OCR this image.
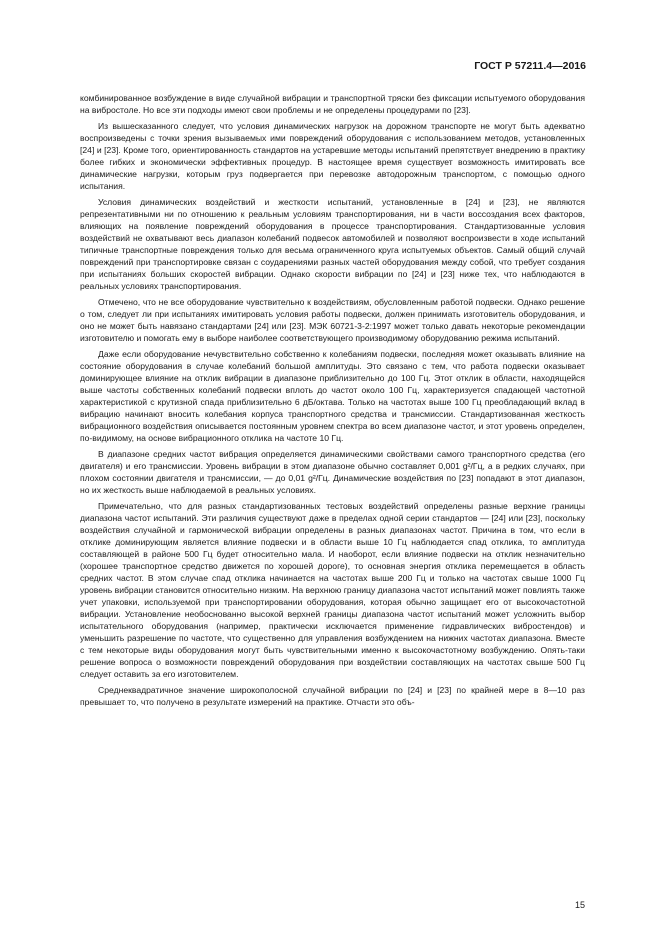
ГОСТ Р 57211.4—2016

комбинированное возбуждение в виде случайной вибрации и транспортной тряски без фиксации испытуемого оборудования на вибростоле. Но все эти подходы имеют свои проблемы и не определены процедурами по [23].

Из вышесказанного следует, что условия динамических нагрузок на дорожном транспорте не могут быть адекватно воспроизведены с точки зрения вызываемых ими повреждений оборудования с использованием методов, установленных [24] и [23]. Кроме того, ориентированность стандартов на устаревшие методы испытаний препятствует внедрению в практику более гибких и экономически эффективных процедур. В настоящее время существует возможность имитировать все динамические нагрузки, которым груз подвергается при перевозке автодорожным транспортом, с помощью одного испытания.

Условия динамических воздействий и жесткости испытаний, установленные в [24] и [23], не являются репрезентативными ни по отношению к реальным условиям транспортирования, ни в части воссоздания всех факторов, влияющих на появление повреждений оборудования в процессе транспортирования. Стандартизованные условия воздействий не охватывают весь диапазон колебаний подвесок автомобилей и позволяют воспроизвести в ходе испытаний типичные транспортные повреждения только для весьма ограниченного круга испытуемых объектов. Самый общий случай повреждений при транспортировке связан с соударениями разных частей оборудования между собой, что требует создания при испытаниях больших скоростей вибрации. Однако скорости вибрации по [24] и [23] ниже тех, что наблюдаются в реальных условиях транспортирования.

Отмечено, что не все оборудование чувствительно к воздействиям, обусловленным работой подвески. Однако решение о том, следует ли при испытаниях имитировать условия работы подвески, должен принимать изготовитель оборудования, и оно не может быть навязано стандартами [24] или [23]. МЭК 60721-3-2:1997 может только давать некоторые рекомендации изготовителю и помогать ему в выборе наиболее соответствующего производимому оборудованию режима испытаний.

Даже если оборудование нечувствительно собственно к колебаниям подвески, последняя может оказывать влияние на состояние оборудования в случае колебаний большой амплитуды. Это связано с тем, что работа подвески оказывает доминирующее влияние на отклик вибрации в диапазоне приблизительно до 100 Гц. Этот отклик в области, находящейся выше частоты собственных колебаний подвески вплоть до частот около 100 Гц, характеризуется спадающей частотной характеристикой с крутизной спада приблизительно 6 дБ/октава. Только на частотах выше 100 Гц преобладающий вклад в вибрацию начинают вносить колебания корпуса транспортного средства и трансмиссии. Стандартизованная жесткость вибрационного воздействия описывается постоянным уровнем спектра во всем диапазоне частот, и этот уровень определен, по-видимому, на основе вибрационного отклика на частоте 10 Гц.

В диапазоне средних частот вибрация определяется динамическими свойствами самого транспортного средства (его двигателя) и его трансмиссии. Уровень вибрации в этом диапазоне обычно составляет 0,001 g²/Гц, а в редких случаях, при плохом состоянии двигателя и трансмиссии, — до 0,01 g²/Гц. Динамические воздействия по [23] попадают в этот диапазон, но их жесткость выше наблюдаемой в реальных условиях.

Примечательно, что для разных стандартизованных тестовых воздействий определены разные верхние границы диапазона частот испытаний. Эти различия существуют даже в пределах одной серии стандартов — [24] или [23], поскольку воздействия случайной и гармонической вибрации определены в разных диапазонах частот. Причина в том, что если в отклике доминирующим является влияние подвески и в области выше 10 Гц наблюдается спад отклика, то амплитуда составляющей в районе 500 Гц будет относительно мала. И наоборот, если влияние подвески на отклик незначительно (хорошее транспортное средство движется по хорошей дороге), то основная энергия отклика перемещается в область средних частот. В этом случае спад отклика начинается на частотах выше 200 Гц и только на частотах свыше 1000 Гц уровень вибрации становится относительно низким. На верхнюю границу диапазона частот испытаний может повлиять также учет упаковки, используемой при транспортировании оборудования, которая обычно защищает его от высокочастотной вибрации. Установление необоснованно высокой верхней границы диапазона частот испытаний может усложнить выбор испытательного оборудования (например, практически исключается применение гидравлических вибростендов) и уменьшить разрешение по частоте, что существенно для управления возбуждением на нижних частотах диапазона. Вместе с тем некоторые виды оборудования могут быть чувствительными именно к высокочастотному возбуждению. Опять-таки решение вопроса о возможности повреждений оборудования при воздействии составляющих на частотах свыше 500 Гц следует оставить за его изготовителем.

Среднеквадратичное значение широкополосной случайной вибрации по [24] и [23] по крайней мере в 8—10 раз превышает то, что получено в результате измерений на практике. Отчасти это объ-

15
